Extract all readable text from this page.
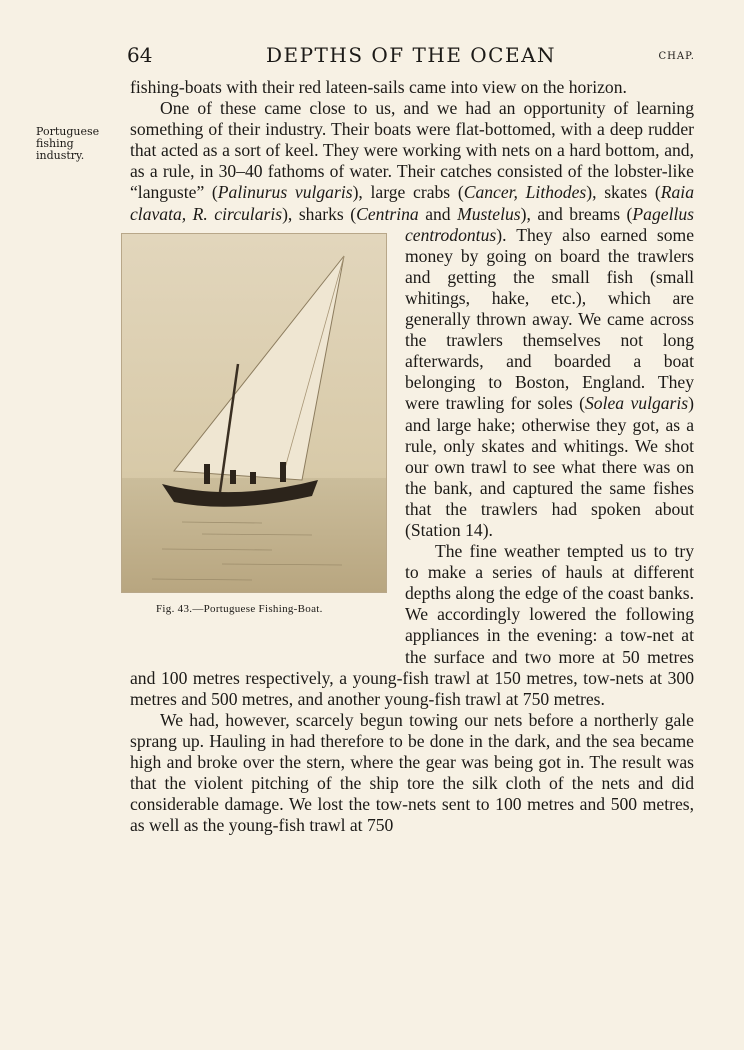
64	DEPTHS OF THE OCEAN	CHAP.
Portuguese
fishing
industry.

fishing-boats with their red lateen-sails came into view on the horizon.

One of these came close to us, and we had an opportunity of learning something of their industry. Their boats were flat-bottomed, with a deep rudder that acted as a sort of keel. They were working with nets on a hard bottom, and, as a rule, in 30–40 fathoms of water. Their catches consisted of the lobster-like “languste” (Palinurus vulgaris), large crabs (Cancer, Lithodes), skates (Raia clavata, R. circularis), sharks (Centrina and Mustelus), and breams (Pagellus centrodontus).
Fig. 43.—Portuguese Fishing-Boat.
They also earned some money by going on board the trawlers and getting the small fish (small whitings, hake, etc.), which are generally thrown away. We came across the trawlers themselves not long afterwards, and boarded a boat belonging to Boston, England. They were trawling for soles (Solea vulgaris) and large hake; otherwise they got, as a rule, only skates and whitings. We shot our own trawl to see what there was on the bank, and captured the same fishes that the trawlers had spoken about (Station 14).

The fine weather tempted us to try to make a series of hauls at different depths along the edge of the coast banks. We accordingly lowered the following appliances in the evening: a tow-net at the surface and two more at 50 metres and 100 metres respectively, a young-fish trawl at 150 metres, tow-nets at 300 metres and 500 metres, and another young-fish trawl at 750 metres.

We had, however, scarcely begun towing our nets before a northerly gale sprang up. Hauling in had therefore to be done in the dark, and the sea became high and broke over the stern, where the gear was being got in. The result was that the violent pitching of the ship tore the silk cloth of the nets and did considerable damage. We lost the tow-nets sent to 100 metres and 500 metres, as well as the young-fish trawl at 750
